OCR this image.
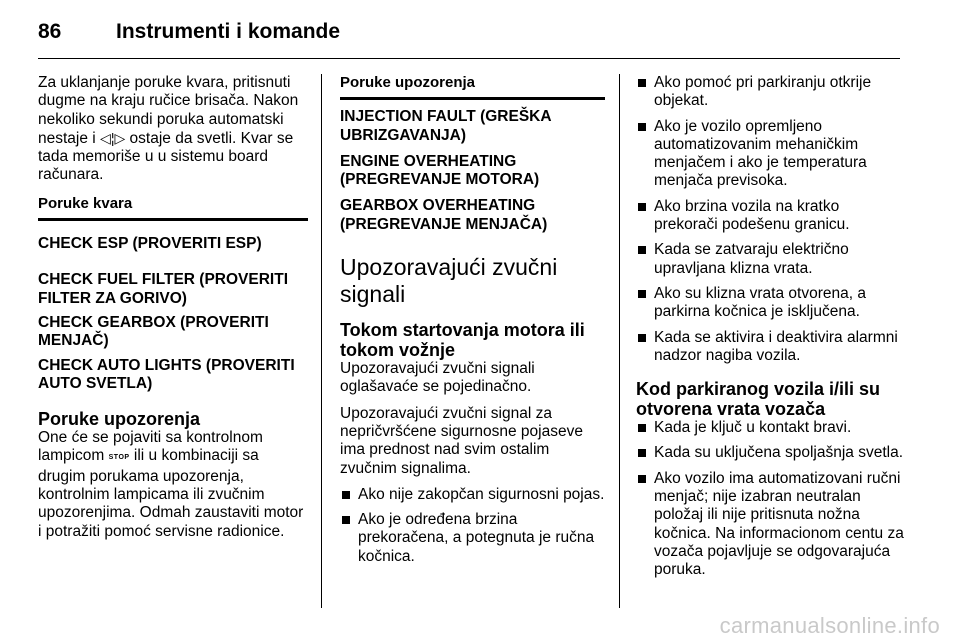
86	Instrumenti i komande

Za uklanjanje poruke kvara, pritisnuti dugme na kraju ručice brisača. Nakon nekoliko sekundi poruka automatski nestaje i ◁¦▷ ostaje da svetli. Kvar se tada memoriše u u sistemu board računara.

Poruke kvara

CHECK ESP (PROVERITI ESP)

CHECK FUEL FILTER (PROVERITI FILTER ZA GORIVO)

CHECK GEARBOX (PROVERITI MENJAČ)

CHECK AUTO LIGHTS (PROVERITI AUTO SVETLA)

Poruke upozorenja

One će se pojaviti sa kontrolnom lampicom STOP ili u kombinaciji sa drugim porukama upozorenja, kontrolnim lampicama ili zvučnim upozorenjima. Odmah zaustaviti motor i potražiti pomoć servisne radionice.

Poruke upozorenja

INJECTION FAULT (GREŠKA UBRIZGAVANJA)

ENGINE OVERHEATING (PREGREVANJE MOTORA)

GEARBOX OVERHEATING (PREGREVANJE MENJAČA)

Upozoravajući zvučni signali
Tokom startovanja motora ili tokom vožnje

Upozoravajući zvučni signali oglašavaće se pojedinačno.

Upozoravajući zvučni signal za nepričvršćene sigurnosne pojaseve ima prednost nad svim ostalim zvučnim signalima.

Ako nije zakopčan sigurnosni pojas.
Ako je određena brzina prekoračena, a potegnuta je ručna kočnica.
Ako pomoć pri parkiranju otkrije objekat.
Ako je vozilo opremljeno automatizovanim mehaničkim menjačem i ako je temperatura menjača previsoka.
Ako brzina vozila na kratko prekorači podešenu granicu.
Kada se zatvaraju električno upravljana klizna vrata.
Ako su klizna vrata otvorena, a parkirna kočnica je isključena.
Kada se aktivira i deaktivira alarmni nadzor nagiba vozila.
Kod parkiranog vozila i/ili su otvorena vrata vozača
Kada je ključ u kontakt bravi.
Kada su uključena spoljašnja svetla.
Ako vozilo ima automatizovani ručni menjač; nije izabran neutralan položaj ili nije pritisnuta nožna kočnica. Na informacionom centu za vozača pojavljuje se odgovarajuća poruka.
carmanualsonline.info
